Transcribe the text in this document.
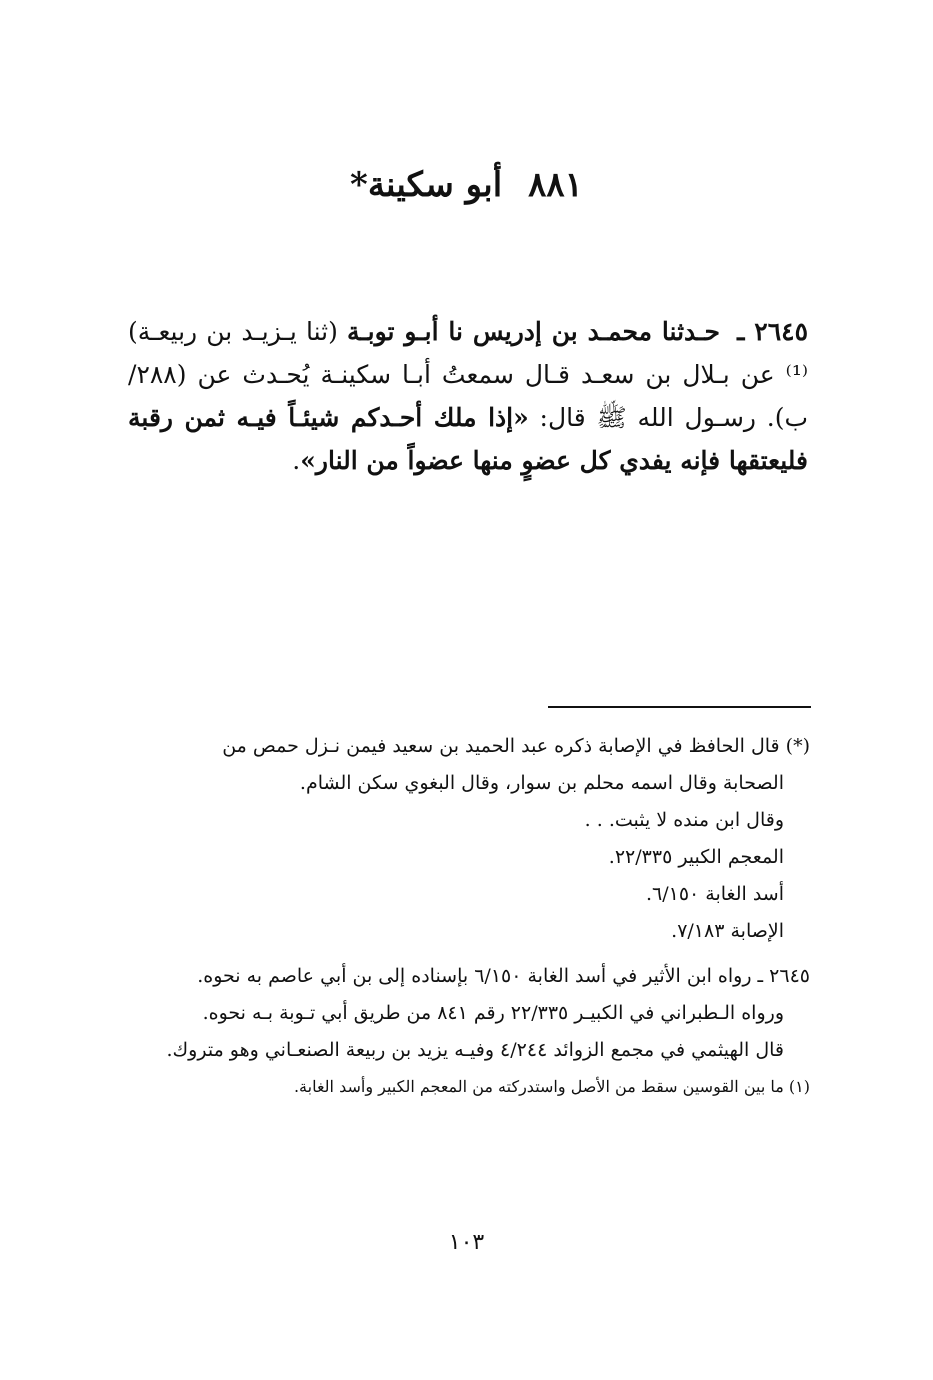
٨٨١أبو سكينة*
٢٦٤٥ ـ حـدثنا محمـد بن إدريس نا أبـو توبـة (ثنا يـزيـد بن ربيعـة)⁽¹⁾ عن بـلال بن سعـد قـال سمعتُ أبـا سكينـة يُحـدث عن (٢٨٨/ب). رسـول الله ﷺ قال: «إذا ملك أحـدكم شيئـاً فيـه ثمن رقبة فليعتقها فإنه يفدي كل عضوٍ منها عضواً من النار».

(*) قال الحافظ في الإصابة ذكره عبد الحميد بن سعيد فيمن نـزل حمص من

الصحابة وقال اسمه محلم بن سوار، وقال البغوي سكن الشام.

وقال ابن منده لا يثبت. . .

المعجم الكبير ٢٢/٣٣٥.

أسد الغابة ٦/١٥٠.

الإصابة ٧/١٨٣.

٢٦٤٥ ـ رواه ابن الأثير في أسد الغابة ٦/١٥٠ بإسناده إلى بن أبي عاصم به نحوه.

ورواه الـطبراني في الكبيـر ٢٢/٣٣٥ رقم ٨٤١ من طريق أبي تـوبة بـه نحوه.

قال الهيثمي في مجمع الزوائد ٤/٢٤٤ وفيـه يزيد بن ربيعة الصنعـاني وهو متروك.

(١) ما بين القوسين سقط من الأصل واستدركته من المعجم الكبير وأسد الغابة.

١٠٣
